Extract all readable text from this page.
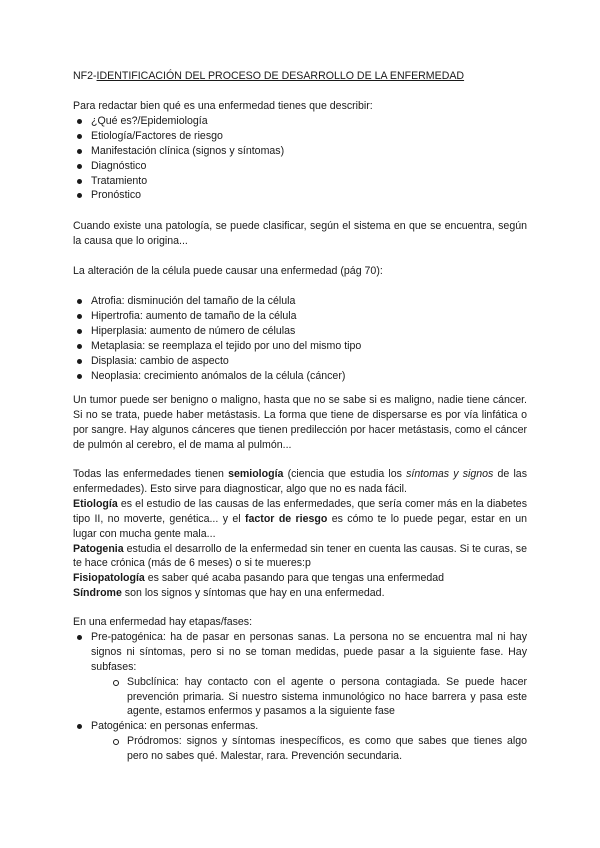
NF2-IDENTIFICACIÓN DEL PROCESO DE DESARROLLO DE LA ENFERMEDAD
Para redactar bien qué es una enfermedad tienes que describir:
¿Qué es?/Epidemiología
Etiología/Factores de riesgo
Manifestación clínica (signos y síntomas)
Diagnóstico
Tratamiento
Pronóstico
Cuando existe una patología, se puede clasificar, según el sistema en que se encuentra, según la causa que lo origina...
La alteración de la célula puede causar una enfermedad (pág 70):
Atrofia: disminución del tamaño de la célula
Hipertrofia: aumento de tamaño de la célula
Hiperplasia: aumento de número de células
Metaplasia: se reemplaza el tejido por uno del mismo tipo
Displasia: cambio de aspecto
Neoplasia: crecimiento anómalos de la célula (cáncer)
Un tumor puede ser benigno o maligno, hasta que no se sabe si es maligno, nadie tiene cáncer. Si no se trata, puede haber metástasis. La forma que tiene de dispersarse es por vía linfática o por sangre. Hay algunos cánceres que tienen predilección por hacer metástasis, como el cáncer de pulmón al cerebro, el de mama al pulmón...
Todas las enfermedades tienen semiología (ciencia que estudia los síntomas y signos de las enfermedades). Esto sirve para diagnosticar, algo que no es nada fácil.
Etiología es el estudio de las causas de las enfermedades, que sería comer más en la diabetes tipo II, no moverte, genética... y el factor de riesgo es cómo te lo puede pegar, estar en un lugar con mucha gente mala...
Patogenia estudia el desarrollo de la enfermedad sin tener en cuenta las causas. Si te curas, se te hace crónica (más de 6 meses) o si te mueres:p
Fisiopatología es saber qué acaba pasando para que tengas una enfermedad
Síndrome son los signos y síntomas que hay en una enfermedad.
En una enfermedad hay etapas/fases:
Pre-patogénica: ha de pasar en personas sanas. La persona no se encuentra mal ni hay signos ni síntomas, pero si no se toman medidas, puede pasar a la siguiente fase. Hay subfases:
Subclínica: hay contacto con el agente o persona contagiada. Se puede hacer prevención primaria. Si nuestro sistema inmunológico no hace barrera y pasa este agente, estamos enfermos y pasamos a la siguiente fase
Patogénica: en personas enfermas.
Pródromos: signos y síntomas inespecíficos, es como que sabes que tienes algo pero no sabes qué. Malestar, rara. Prevención secundaria.
